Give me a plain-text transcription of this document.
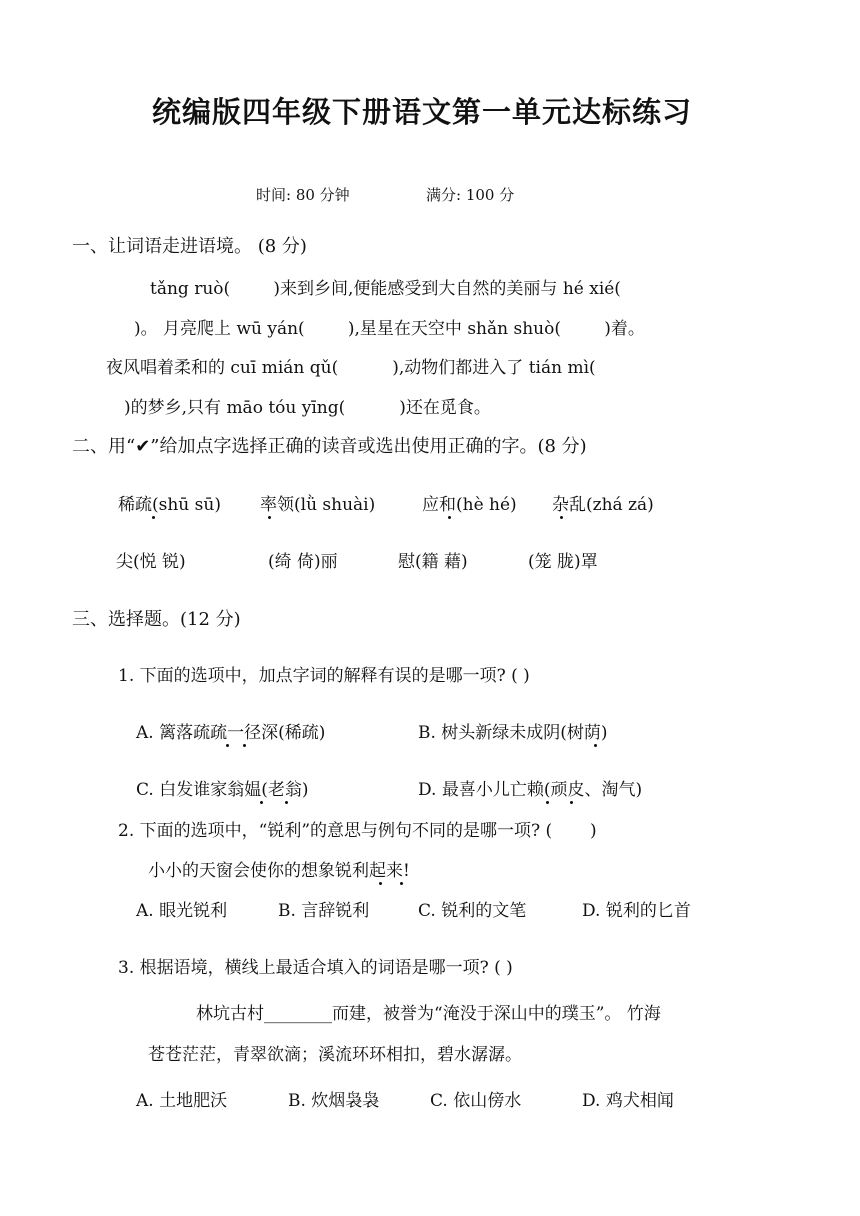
统编版四年级下册语文第一单元达标练习
时间: 80 分钟	满分: 100 分
一、让词语走进语境。 (8 分)
tǎng ruò(        )来到乡间,便能感受到大自然的美丽与 hé xié(
)。 月亮爬上 wū yán(        ),星星在天空中 shǎn shuò(        )着。
夜风唱着柔和的 cuī mián qǔ(          ),动物们都进入了 tián mì(
)的梦乡,只有 māo tóu yīng(          )还在觅食。
二、用“✔”给加点字选择正确的读音或选出使用正确的字。(8 分)
稀疏(shū sū) 率领(lǜ shuài)	应和(hè hé) 杂乱(zhá zá)
尖(悦 锐)	(绮 倚)丽	慰(籍 藉)	(笼 胧)罩
三、选择题。(12 分)
1. 下面的选项中，加点字词的解释有误的是哪一项? ( )
A. 篱落疏疏一径深(稀疏)	B. 树头新绿未成阴(树荫)
C. 白发谁家翁媪(老翁)	D. 最喜小儿亡赖(顽皮、淘气)
2. 下面的选项中，“锐利”的意思与例句不同的是哪一项? (       )
小小的天窗会使你的想象锐利起来!
A. 眼光锐利	B. 言辞锐利	C. 锐利的文笔	D. 锐利的匕首
3. 根据语境，横线上最适合填入的词语是哪一项? ( )
林坑古村________而建，被誉为“淹没于深山中的璞玉”。 竹海
苍苍茫茫，青翠欲滴；溪流环环相扣，碧水潺潺。
A. 土地肥沃	B. 炊烟袅袅	C. 依山傍水	D. 鸡犬相闻
